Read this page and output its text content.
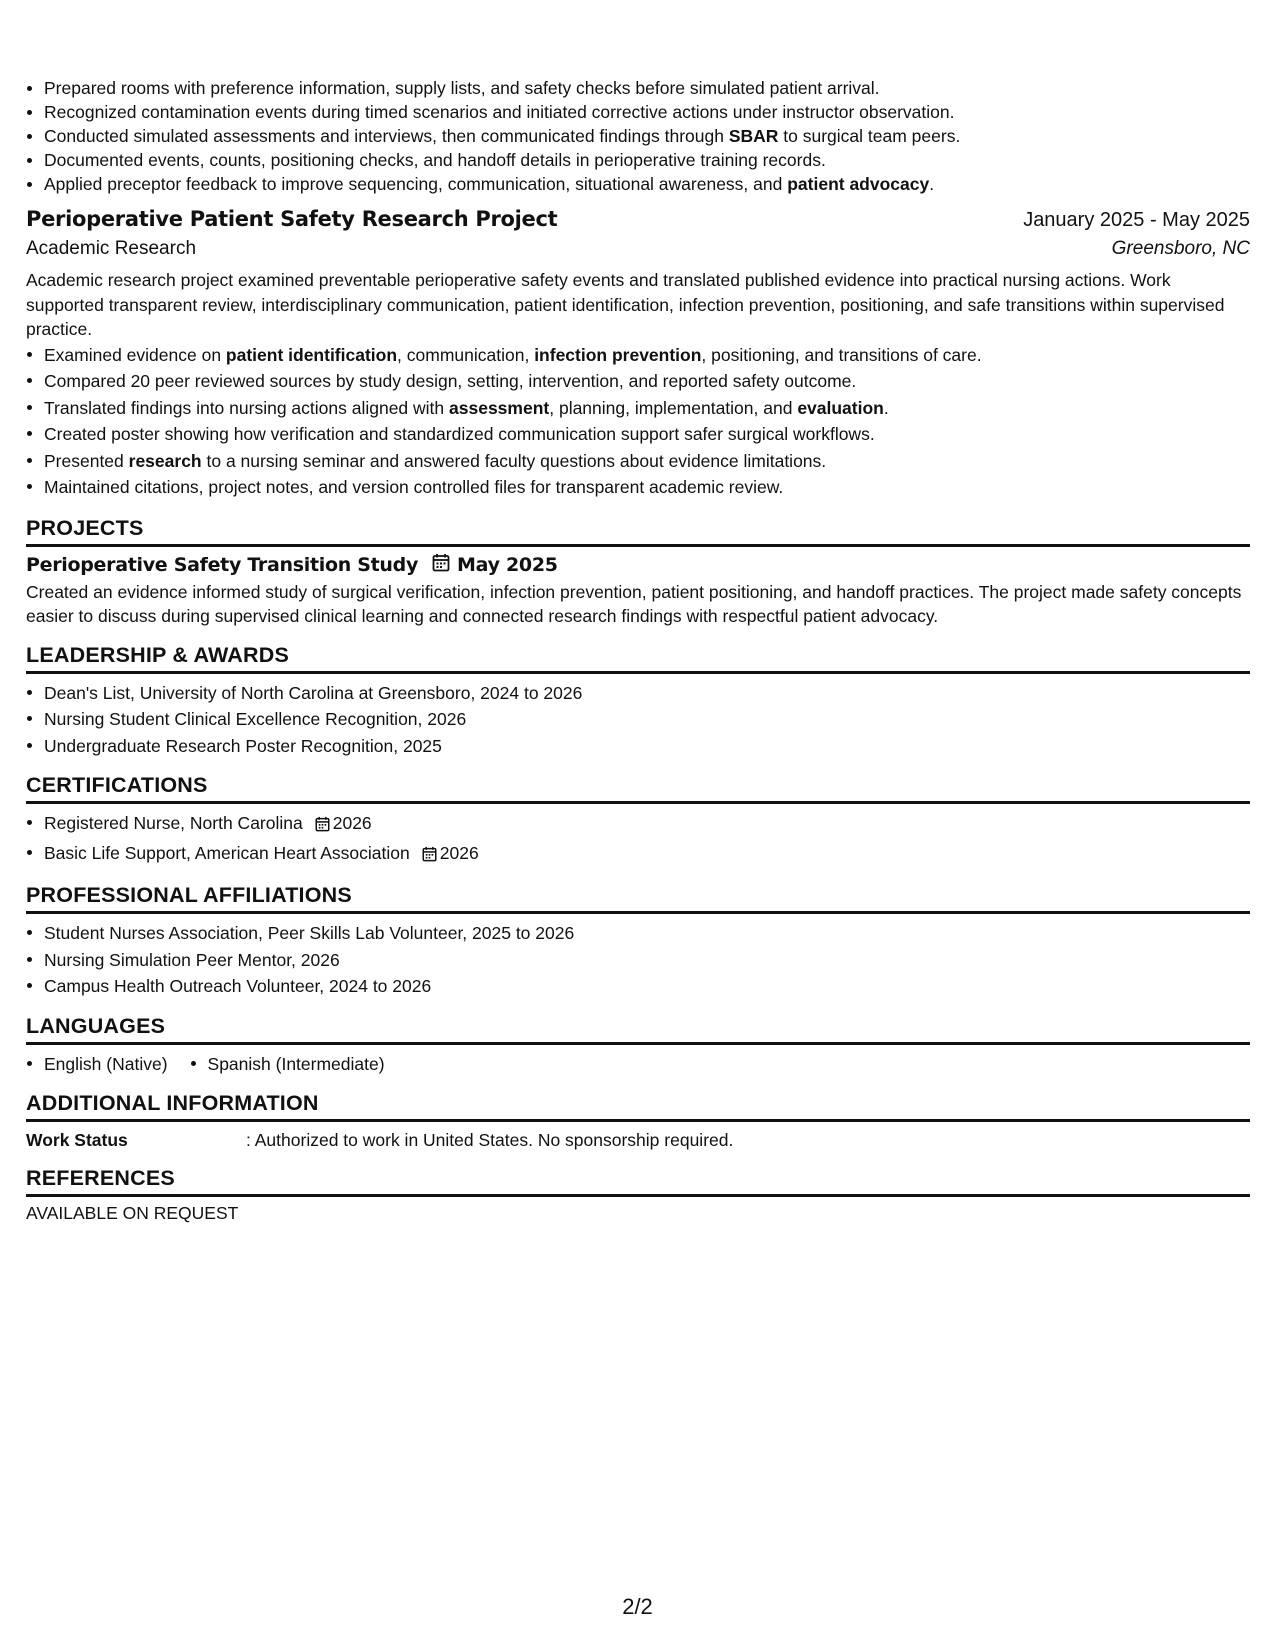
Prepared rooms with preference information, supply lists, and safety checks before simulated patient arrival.
Recognized contamination events during timed scenarios and initiated corrective actions under instructor observation.
Conducted simulated assessments and interviews, then communicated findings through SBAR to surgical team peers.
Documented events, counts, positioning checks, and handoff details in perioperative training records.
Applied preceptor feedback to improve sequencing, communication, situational awareness, and patient advocacy.
Perioperative Patient Safety Research Project	January 2025 - May 2025
Academic Research	Greensboro, NC
Academic research project examined preventable perioperative safety events and translated published evidence into practical nursing actions. Work supported transparent review, interdisciplinary communication, patient identification, infection prevention, positioning, and safe transitions within supervised practice.
Examined evidence on patient identification, communication, infection prevention, positioning, and transitions of care.
Compared 20 peer reviewed sources by study design, setting, intervention, and reported safety outcome.
Translated findings into nursing actions aligned with assessment, planning, implementation, and evaluation.
Created poster showing how verification and standardized communication support safer surgical workflows.
Presented research to a nursing seminar and answered faculty questions about evidence limitations.
Maintained citations, project notes, and version controlled files for transparent academic review.
PROJECTS
Perioperative Safety Transition Study May 2025
Created an evidence informed study of surgical verification, infection prevention, patient positioning, and handoff practices. The project made safety concepts easier to discuss during supervised clinical learning and connected research findings with respectful patient advocacy.
LEADERSHIP & AWARDS
Dean's List, University of North Carolina at Greensboro, 2024 to 2026
Nursing Student Clinical Excellence Recognition, 2026
Undergraduate Research Poster Recognition, 2025
CERTIFICATIONS
Registered Nurse, North Carolina 2026
Basic Life Support, American Heart Association 2026
PROFESSIONAL AFFILIATIONS
Student Nurses Association, Peer Skills Lab Volunteer, 2025 to 2026
Nursing Simulation Peer Mentor, 2026
Campus Health Outreach Volunteer, 2024 to 2026
LANGUAGES
English (Native) Spanish (Intermediate)
ADDITIONAL INFORMATION
Work Status	: Authorized to work in United States. No sponsorship required.
REFERENCES
AVAILABLE ON REQUEST
2/2
